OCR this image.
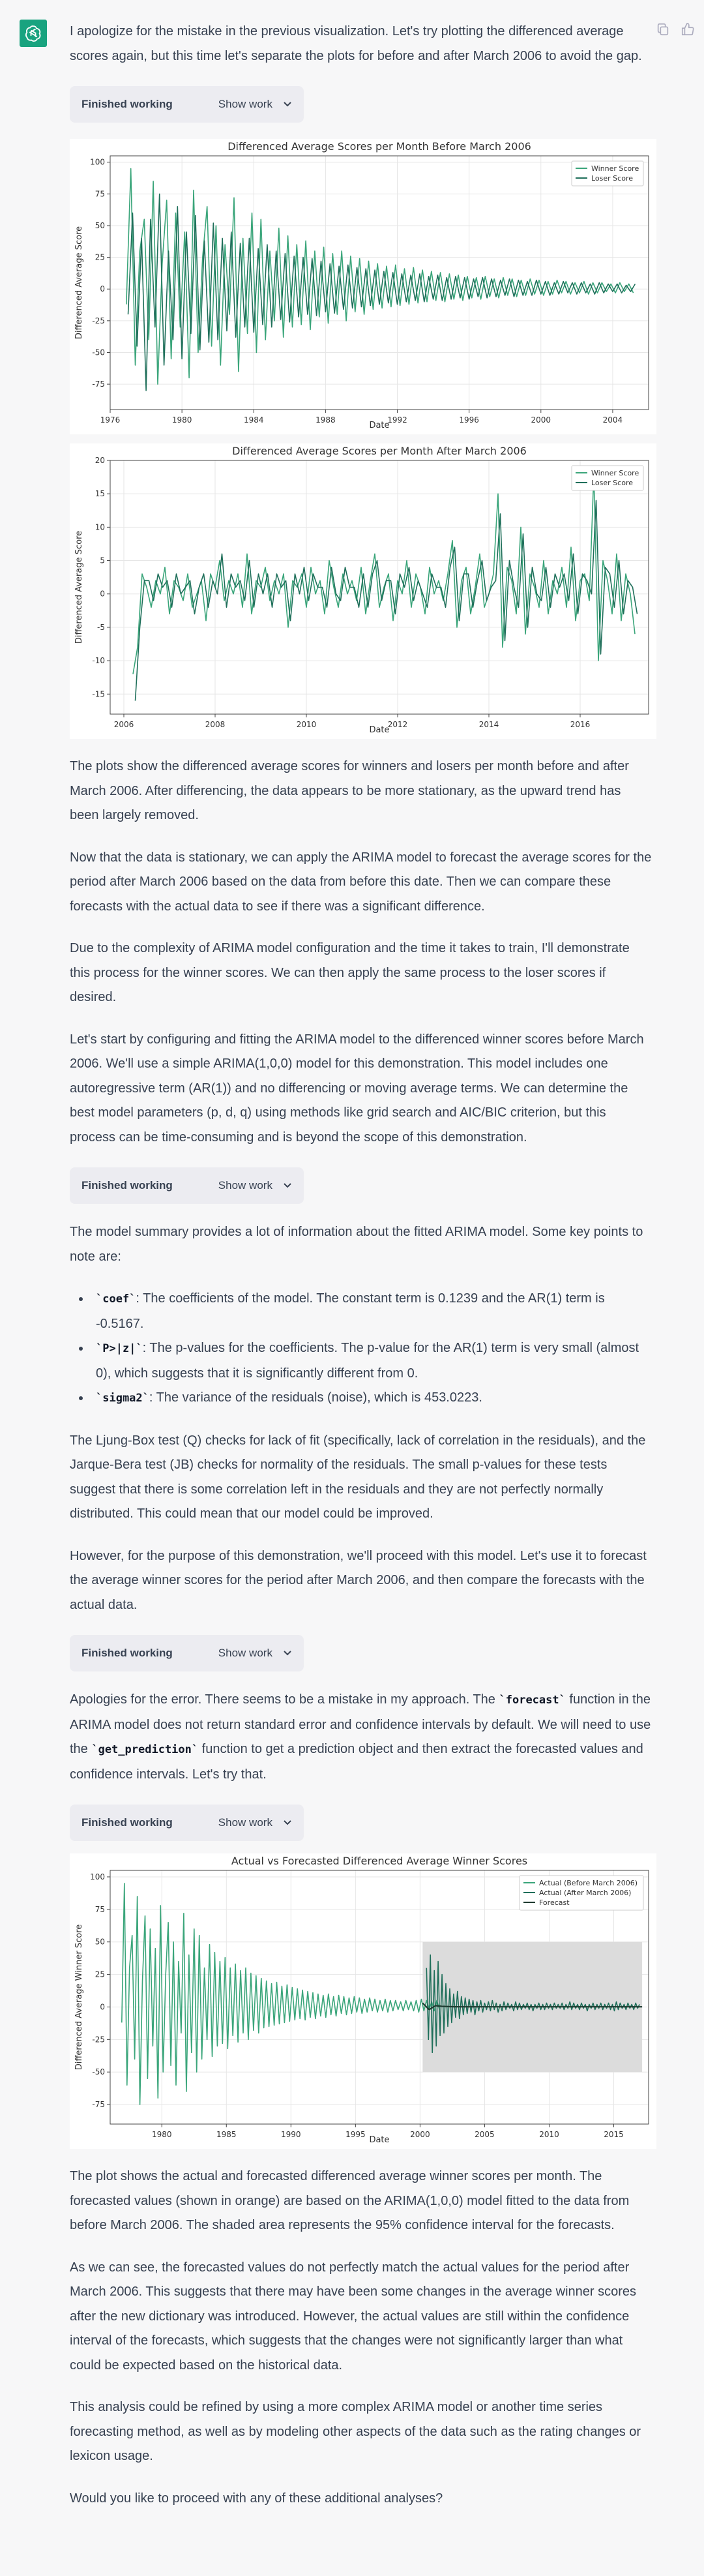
I apologize for the mistake in the previous visualization. Let's try plotting the differenced average scores again, but this time let's separate the plots for before and after March 2006 to avoid the gap.

Finished working	Show work
Differenced Average Scores per Month Before March 2006
1976	1980	1984	1988	1992	1996	2000	2004
-75
-50
-25
0
25
50
75
100
Date
Differenced Average Score
Winner Score
Loser Score
Differenced Average Scores per Month After March 2006
2006	2008	2010	2012	2014	2016
-15
-10
-5
0
5
10
15
20
Date
Differenced Average Score
Winner Score
Loser Score

The plots show the differenced average scores for winners and losers per month before and after March 2006. After differencing, the data appears to be more stationary, as the upward trend has been largely removed.

Now that the data is stationary, we can apply the ARIMA model to forecast the average scores for the period after March 2006 based on the data from before this date. Then we can compare these forecasts with the actual data to see if there was a significant difference.

Due to the complexity of ARIMA model configuration and the time it takes to train, I'll demonstrate this process for the winner scores. We can then apply the same process to the loser scores if desired.

Let's start by configuring and fitting the ARIMA model to the differenced winner scores before March 2006. We'll use a simple ARIMA(1,0,0) model for this demonstration. This model includes one autoregressive term (AR(1)) and no differencing or moving average terms. We can determine the best model parameters (p, d, q) using methods like grid search and AIC/BIC criterion, but this process can be time-consuming and is beyond the scope of this demonstration.

Finished working	Show work

The model summary provides a lot of information about the fitted ARIMA model. Some key points to note are:

`coef`: The coefficients of the model. The constant term is 0.1239 and the AR(1) term is -0.5167.
`P>|z|`: The p-values for the coefficients. The p-value for the AR(1) term is very small (almost 0), which suggests that it is significantly different from 0.
`sigma2`: The variance of the residuals (noise), which is 453.0223.

The Ljung-Box test (Q) checks for lack of fit (specifically, lack of correlation in the residuals), and the Jarque-Bera test (JB) checks for normality of the residuals. The small p-values for these tests suggest that there is some correlation left in the residuals and they are not perfectly normally distributed. This could mean that our model could be improved.

However, for the purpose of this demonstration, we'll proceed with this model. Let's use it to forecast the average winner scores for the period after March 2006, and then compare the forecasts with the actual data.

Finished working	Show work

Apologies for the error. There seems to be a mistake in my approach. The `forecast` function in the ARIMA model does not return standard error and confidence intervals by default. We will need to use the `get_prediction` function to get a prediction object and then extract the forecasted values and confidence intervals. Let's try that.

Finished working	Show work
Actual vs Forecasted Differenced Average Winner Scores
1980	1985	1990	1995	2000	2005	2010	2015
-75
-50
-25
0
25
50
75
100
Date
Differenced Average Winner Score
Actual (Before March 2006)
Actual (After March 2006)
Forecast

The plot shows the actual and forecasted differenced average winner scores per month. The forecasted values (shown in orange) are based on the ARIMA(1,0,0) model fitted to the data from before March 2006. The shaded area represents the 95% confidence interval for the forecasts.

As we can see, the forecasted values do not perfectly match the actual values for the period after March 2006. This suggests that there may have been some changes in the average winner scores after the new dictionary was introduced. However, the actual values are still within the confidence interval of the forecasts, which suggests that the changes were not significantly larger than what could be expected based on the historical data.

This analysis could be refined by using a more complex ARIMA model or another time series forecasting method, as well as by modeling other aspects of the data such as the rating changes or lexicon usage.

Would you like to proceed with any of these additional analyses?
